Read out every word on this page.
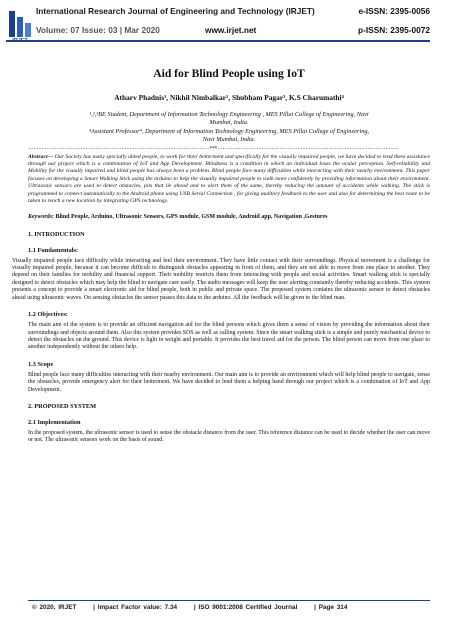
International Research Journal of Engineering and Technology (IRJET)	e-ISSN: 2395-0056
Volume: 07 Issue: 03 | Mar 2020	www.irjet.net	p-ISSN: 2395-0072
Aid for Blind People using IoT
Atharv Phadnis¹, Nikhil Nimbalkar², Shubham Pagar³, K.S Charumathi⁴

¹,²,³BE Student, Department of Information Technology Engineering , MES Pillai College of Engineering, Navi
Mumbai, India.

⁴Assistant Professor⁴, Department of Information Technology Engineering, MES Pillai College of Engineering,
Navi Mumbai, India.

----------------------------------------------------------------------***----------------------------------------------------------------------

Abstract— Our Society has many specially abled people, to work for their betterment and specifically for the visually impaired people, we have decided to lend them assistance through our project which is a combination of IoT and App Development. Blindness is a condition in which an individual loses the ocular perception. Self-reliability and Mobility for the visually impaired and blind people has always been a problem. Blind people face many difficulties while interacting with their nearby environment. This paper focuses on developing a Smart Walking Stick using the arduino to help the visually impaired people to walk more confidently by providing information about their environment. Ultrasonic sensors are used to detect obstacles, pits that lie ahead and to alert them of the same, thereby reducing the amount of accidents while walking. The stick is programmed to connect automatically to the Android phone using USB Serial Connection , for giving auditory feedback to the user and also for determining the best route to be taken to reach a new location by integrating GPS technology.

Keywords: Blind People, Arduino, Ultrasonic Sensors, GPS module, GSM module, Android app, Navigation ,Gestures

1. INTRODUCTION
1.1 Fundamentals:

Visually impaired people face difficulty while interacting and feel their environment. They have little contact with their surroundings. Physical movement is a challenge for visually impaired people, because it can become difficult to distinguish obstacles appearing in front of them, and they are not able to move from one place to another. They depend on their families for mobility and financial support. Their mobility restricts them from interacting with people and social activities. Smart walking stick is specially designed to detect obstacles which may help the blind to navigate care easily. The audio messages will keep the user alerting constantly thereby reducing accidents. This system presents a concept to provide a smart electronic aid for blind people, both in public and private space. The proposed system contains the ultrasonic sensor to detect obstacles ahead using ultrasonic waves. On sensing obstacles the sensor passes this data to the arduino. All the feedback will be given to the blind man.

1.2 Objectives:

The main aim of the system is to provide an efficient navigation aid for the blind persons which gives them a sense of vision by providing the information about their surroundings and objects around them. Also this system provides SOS as well as calling system. Since the smart walking stick is a simple and purely mechanical device to detect the obstacles on the ground. This device is light in weight and portable. It provides the best travel aid for the person. The blind person can move from one place to another independently without the others help.

1.3 Scope

Blind people face many difficulties interacting with their nearby environment. Our main aim is to provide an environment which will help blind people to navigate, sense the obstacles, provide emergency alert for their betterment. We have decided to lend them a helping hand through our project which is a combination of IoT and App Development.

2. PROPOSED SYSTEM
2.1 Implementation

In the proposed system, the ultrasonic sensor is used to sense the obstacle distance from the user. This reference distance can be used to decide whether the user can move or not. The ultrasonic sensors work on the basis of sound.

© 2020, IRJET	| Impact Factor value: 7.34	| ISO 9001:2008 Certified Journal	| Page 314
